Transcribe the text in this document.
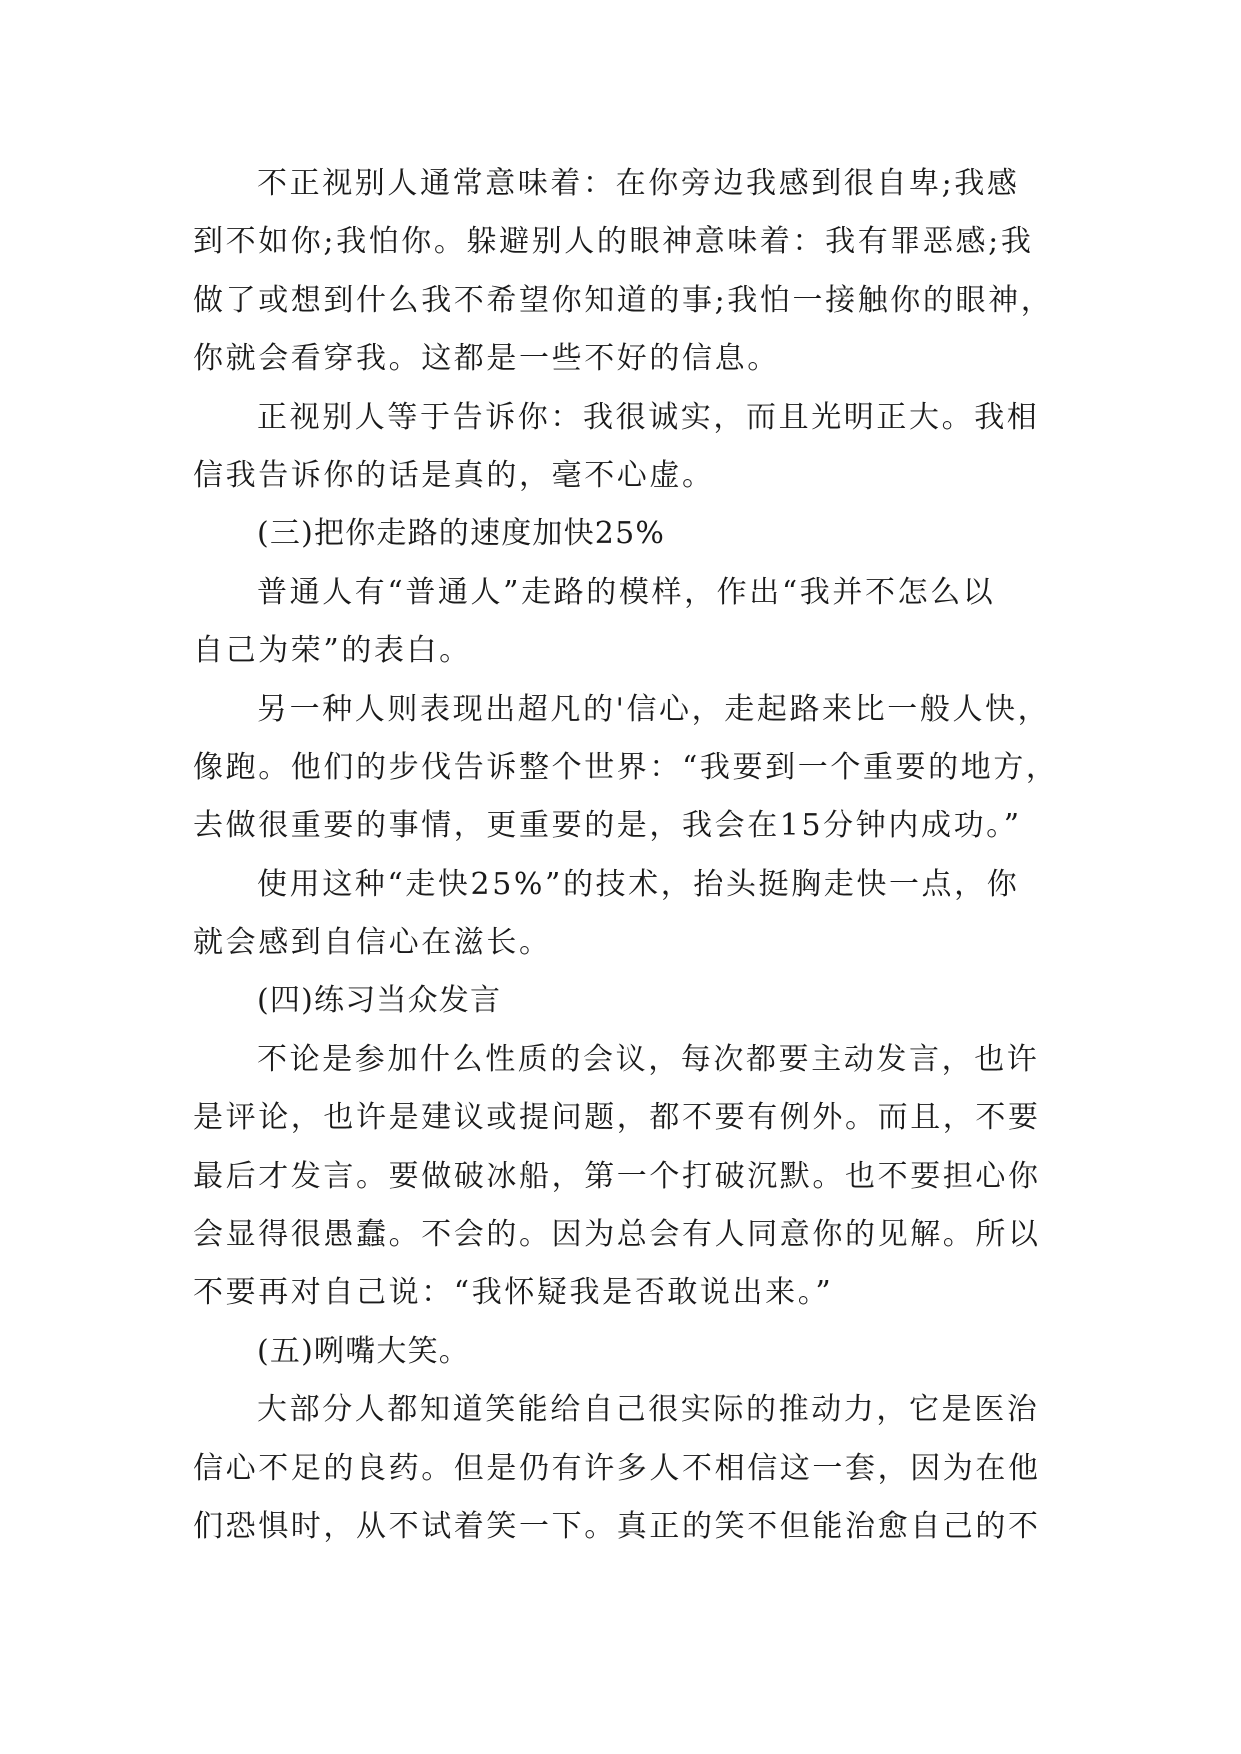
不正视别人通常意味着：在你旁边我感到很自卑;我感
到不如你;我怕你。躲避别人的眼神意味着：我有罪恶感;我
做了或想到什么我不希望你知道的事;我怕一接触你的眼神，
你就会看穿我。这都是一些不好的信息。
正视别人等于告诉你：我很诚实，而且光明正大。我相
信我告诉你的话是真的，毫不心虚。
(三)把你走路的速度加快25%
普通人有“普通人”走路的模样，作出“我并不怎么以
自己为荣”的表白。
另一种人则表现出超凡的'信心，走起路来比一般人快，
像跑。他们的步伐告诉整个世界：“我要到一个重要的地方，
去做很重要的事情，更重要的是，我会在15分钟内成功。”
使用这种“走快25%”的技术，抬头挺胸走快一点，你
就会感到自信心在滋长。
(四)练习当众发言
不论是参加什么性质的会议，每次都要主动发言，也许
是评论，也许是建议或提问题，都不要有例外。而且，不要
最后才发言。要做破冰船，第一个打破沉默。也不要担心你
会显得很愚蠢。不会的。因为总会有人同意你的见解。所以
不要再对自己说：“我怀疑我是否敢说出来。”
(五)咧嘴大笑。
大部分人都知道笑能给自己很实际的推动力，它是医治
信心不足的良药。但是仍有许多人不相信这一套，因为在他
们恐惧时，从不试着笑一下。真正的笑不但能治愈自己的不
